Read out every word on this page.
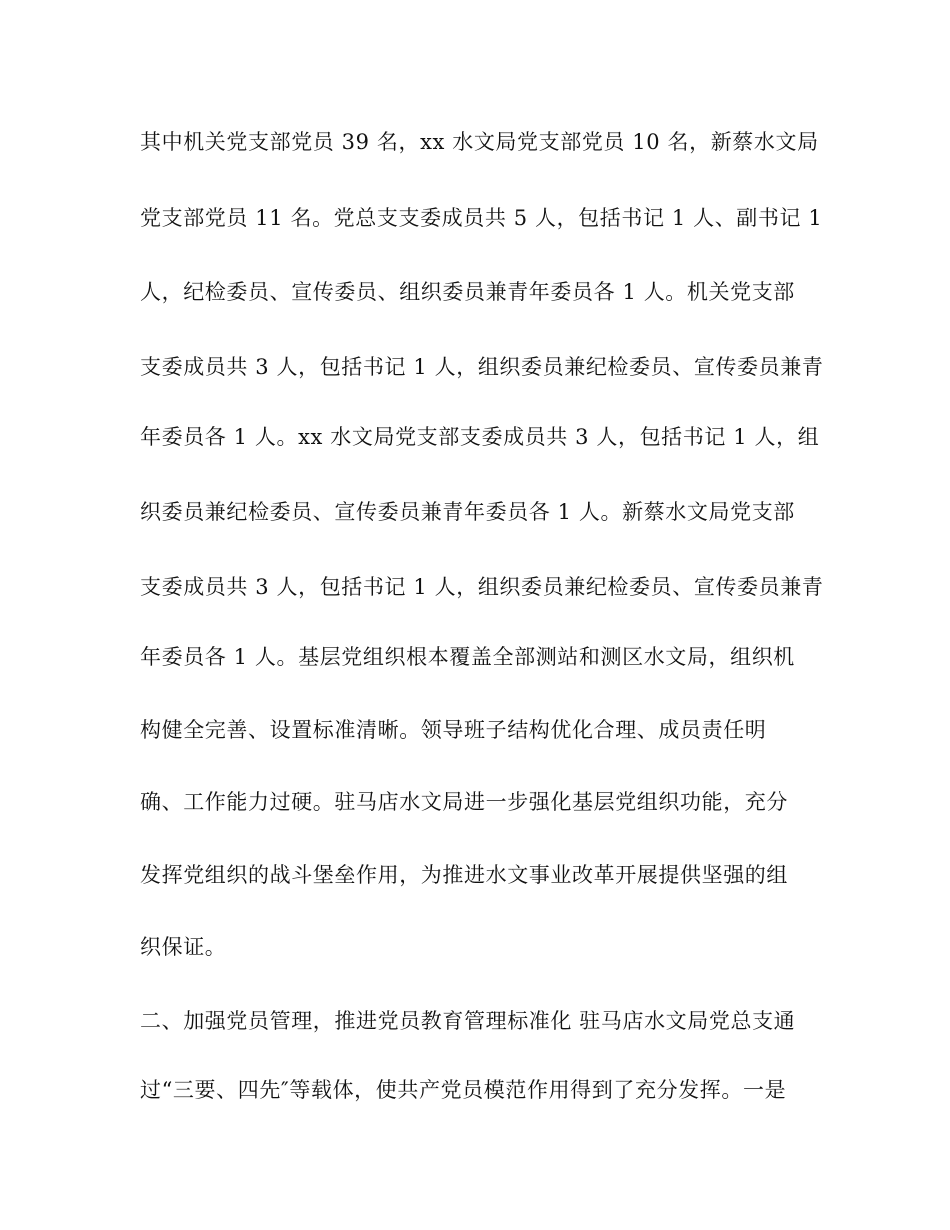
其中机关党支部党员 39 名，xx 水文局党支部党员 10 名，新蔡水文局
党支部党员 11 名。党总支支委成员共 5 人，包括书记 1 人、副书记 1
人，纪检委员、宣传委员、组织委员兼青年委员各 1 人。机关党支部
支委成员共 3 人，包括书记 1 人，组织委员兼纪检委员、宣传委员兼青
年委员各 1 人。xx 水文局党支部支委成员共 3 人，包括书记 1 人，组
织委员兼纪检委员、宣传委员兼青年委员各 1 人。新蔡水文局党支部
支委成员共 3 人，包括书记 1 人，组织委员兼纪检委员、宣传委员兼青
年委员各 1 人。基层党组织根本覆盖全部测站和测区水文局，组织机
构健全完善、设置标准清晰。领导班子结构优化合理、成员责任明
确、工作能力过硬。驻马店水文局进一步强化基层党组织功能，充分
发挥党组织的战斗堡垒作用，为推进水文事业改革开展提供坚强的组
织保证。
二、加强党员管理，推进党员教育管理标准化 驻马店水文局党总支通
过“三要、四先″等载体，使共产党员模范作用得到了充分发挥。一是
